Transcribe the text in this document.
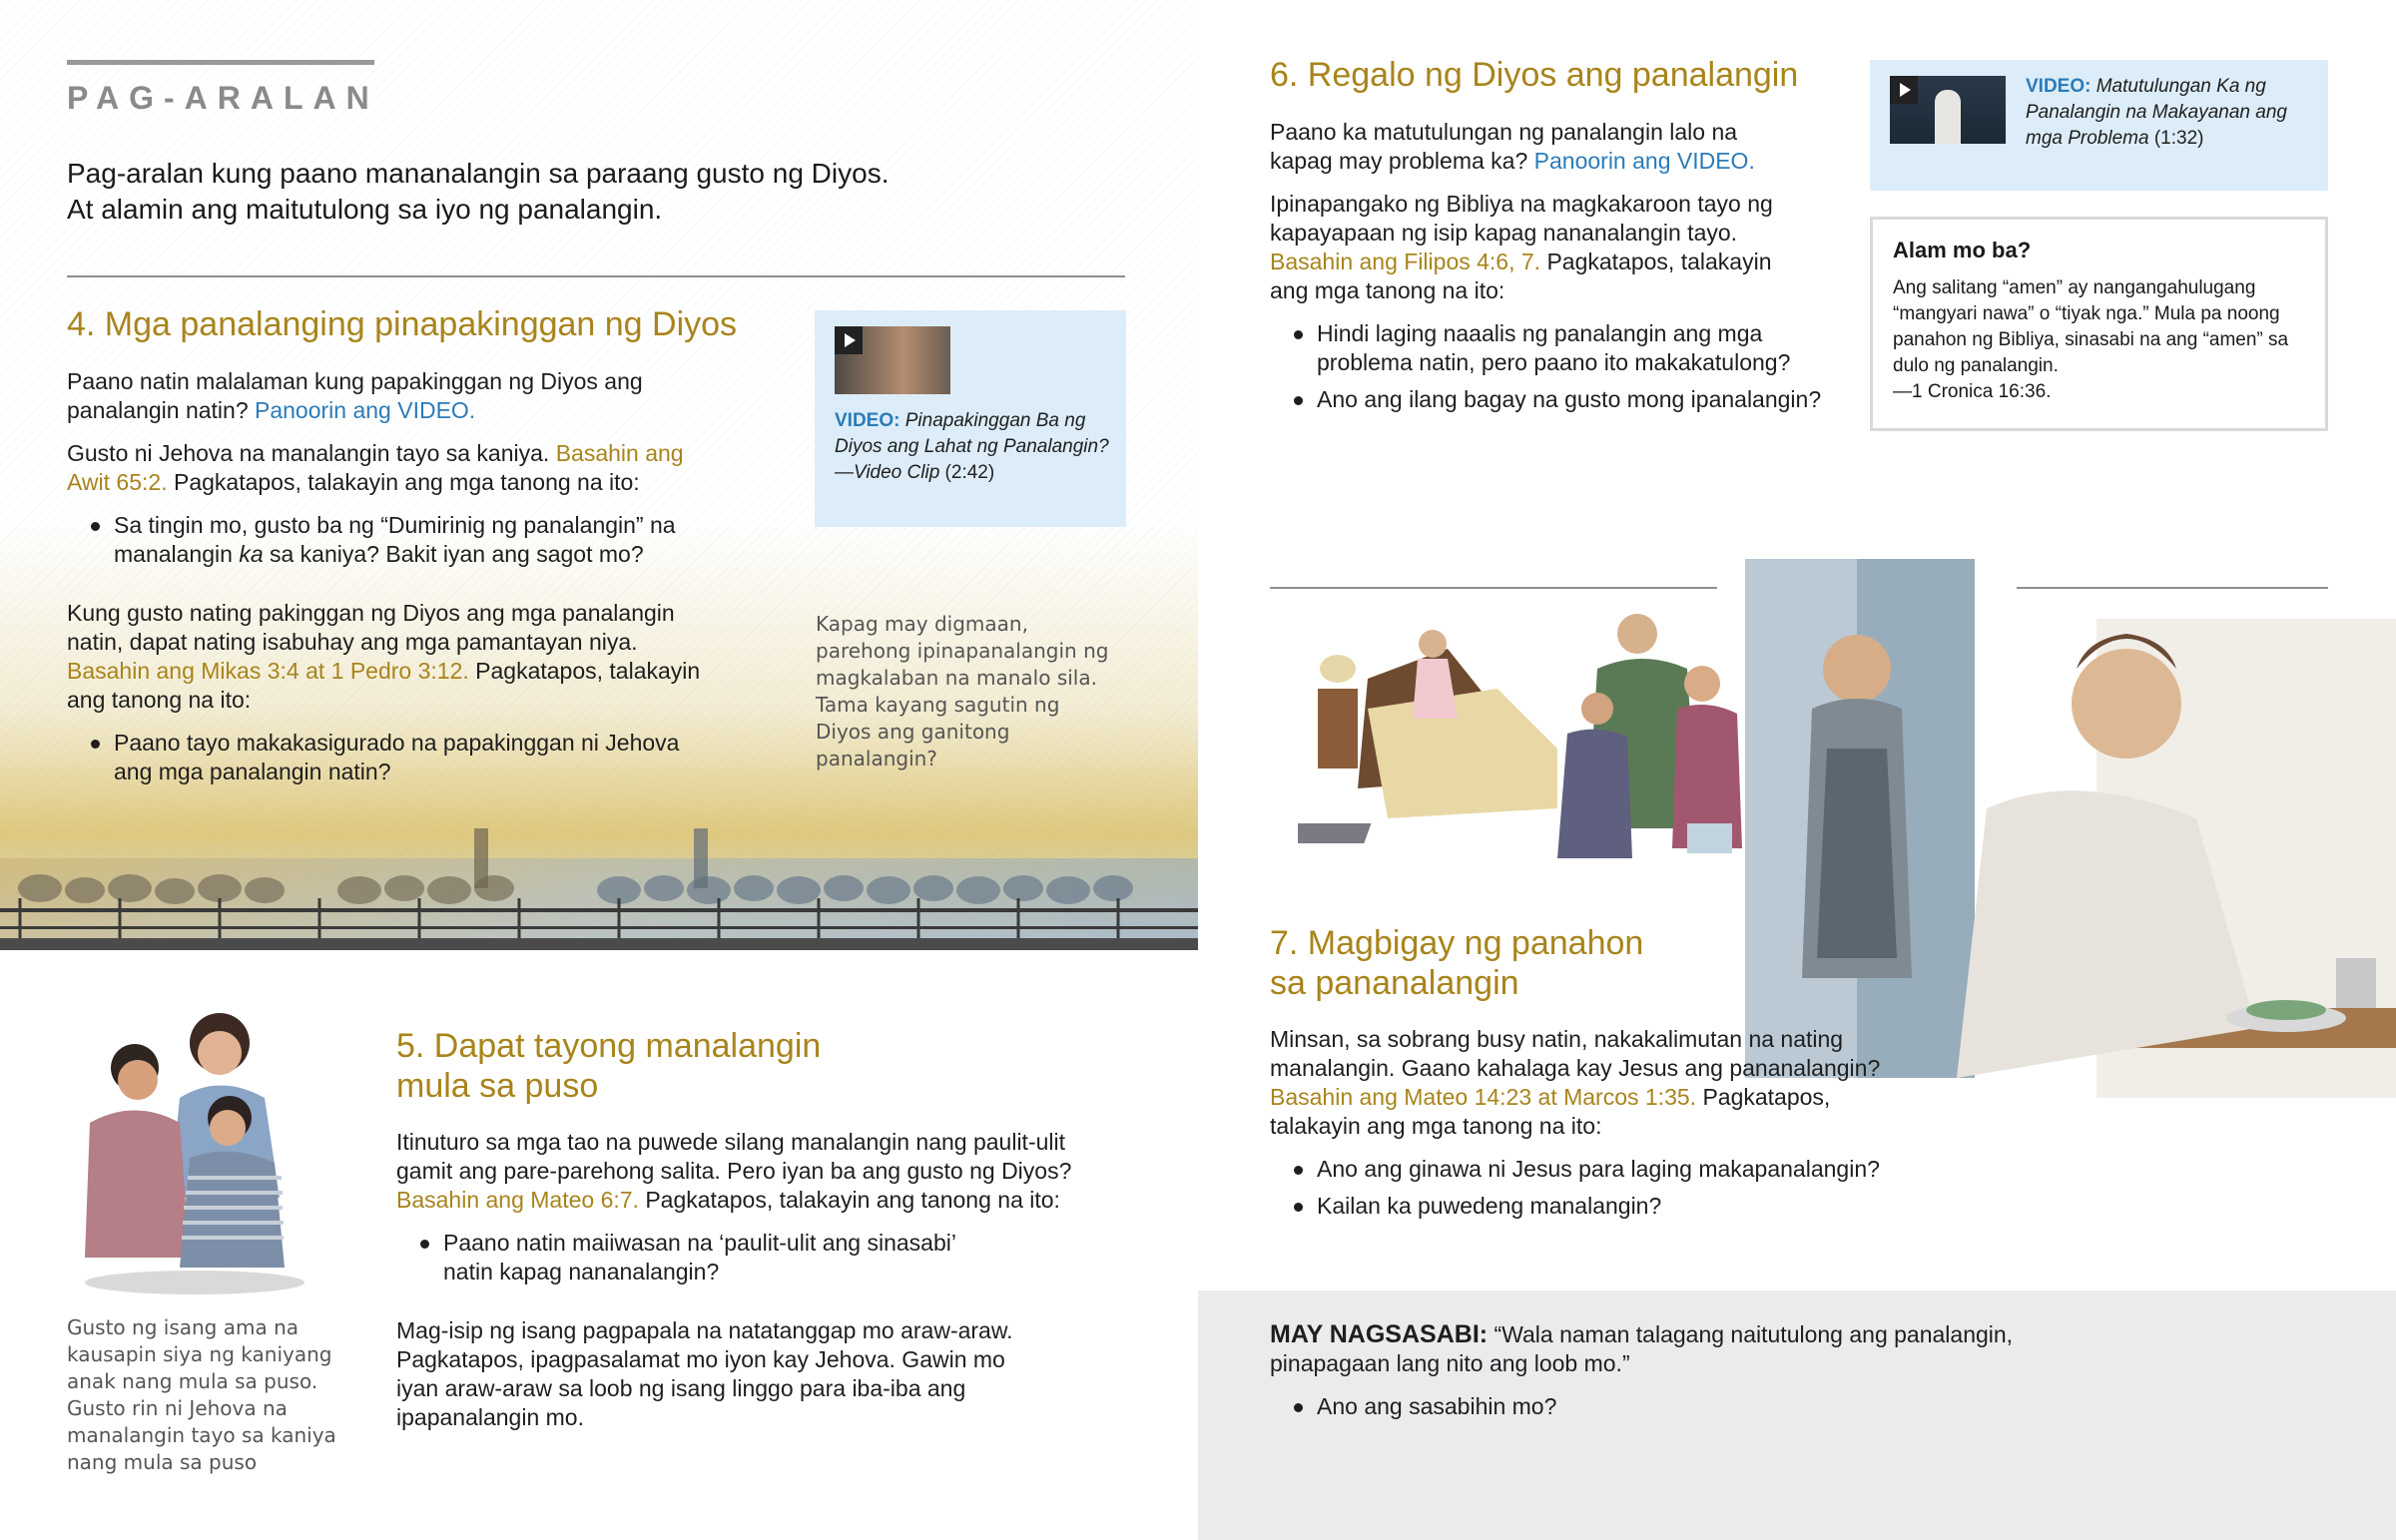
PAG-ARALAN
Pag-aralan kung paano mananalangin sa paraang gusto ng Diyos.
At alamin ang maitutulong sa iyo ng panalangin.
4. Mga panalanging pinapakinggan ng Diyos

Paano natin malalaman kung papakinggan ng Diyos ang panalangin natin? Panoorin ang VIDEO.

Gusto ni Jehova na manalangin tayo sa kaniya. Basahin ang Awit 65:2. Pagkatapos, talakayin ang mga tanong na ito:

Sa tingin mo, gusto ba ng “Dumirinig ng panalangin” na manalangin ka sa kaniya? Bakit iyan ang sagot mo?

Kung gusto nating pakinggan ng Diyos ang mga panalangin natin, dapat nating isabuhay ang mga pamantayan niya. Basahin ang Mikas 3:4 at 1 Pedro 3:12. Pagkatapos, talakayin ang tanong na ito:

Paano tayo makakasigurado na papakinggan ni Jehova ang mga panalangin natin?
VIDEO: Pinapakinggan Ba ng Diyos ang Lahat ng Panalangin?—Video Clip (2:42)
Kapag may digmaan, parehong ipinapanalangin ng magkalaban na manalo sila. Tama kayang sagutin ng Diyos ang ganitong panalangin?
Gusto ng isang ama na kausapin siya ng kaniyang anak nang mula sa puso. Gusto rin ni Jehova na manalangin tayo sa kaniya nang mula sa puso
5. Dapat tayong manalangin
mula sa puso

Itinuturo sa mga tao na puwede silang manalangin nang paulit-ulit gamit ang pare-parehong salita. Pero iyan ba ang gusto ng Diyos? Basahin ang Mateo 6:7. Pagkatapos, talakayin ang tanong na ito:

Paano natin maiiwasan na ‘paulit-ulit ang sinasabi’ natin kapag nananalangin?

Mag-isip ng isang pagpapala na natatanggap mo araw-araw. Pagkatapos, ipagpasalamat mo iyon kay Jehova. Gawin mo iyan araw-araw sa loob ng isang linggo para iba-iba ang ipapanalangin mo.

6. Regalo ng Diyos ang panalangin

Paano ka matutulungan ng panalangin lalo na kapag may problema ka? Panoorin ang VIDEO.

Ipinapangako ng Bibliya na magkakaroon tayo ng kapayapaan ng isip kapag nananalangin tayo. Basahin ang Filipos 4:6, 7. Pagkatapos, talakayin ang mga tanong na ito:

Hindi laging naaalis ng panalangin ang mga problema natin, pero paano ito makakatulong?
Ano ang ilang bagay na gusto mong ipanalangin?
VIDEO: Matutulungan Ka ng Panalangin na Makayanan ang mga Problema (1:32)
Alam mo ba?
Ang salitang “amen” ay nangangahulugang “mangyari nawa” o “tiyak nga.” Mula pa noong panahon ng Bibliya, sinasabi na ang “amen” sa dulo ng panalangin.
—1 Cronica 16:36.
7. Magbigay ng panahon
sa pananalangin

Minsan, sa sobrang busy natin, nakakalimutan na nating manalangin. Gaano kahalaga kay Jesus ang pananalangin? Basahin ang Mateo 14:23 at Marcos 1:35. Pagkatapos, talakayin ang mga tanong na ito:

Ano ang ginawa ni Jesus para laging makapanalangin?
Kailan ka puwedeng manalangin?

MAY NAGSASABI: “Wala naman talagang naitutulong ang panalangin, pinapagaan lang nito ang loob mo.”

Ano ang sasabihin mo?
